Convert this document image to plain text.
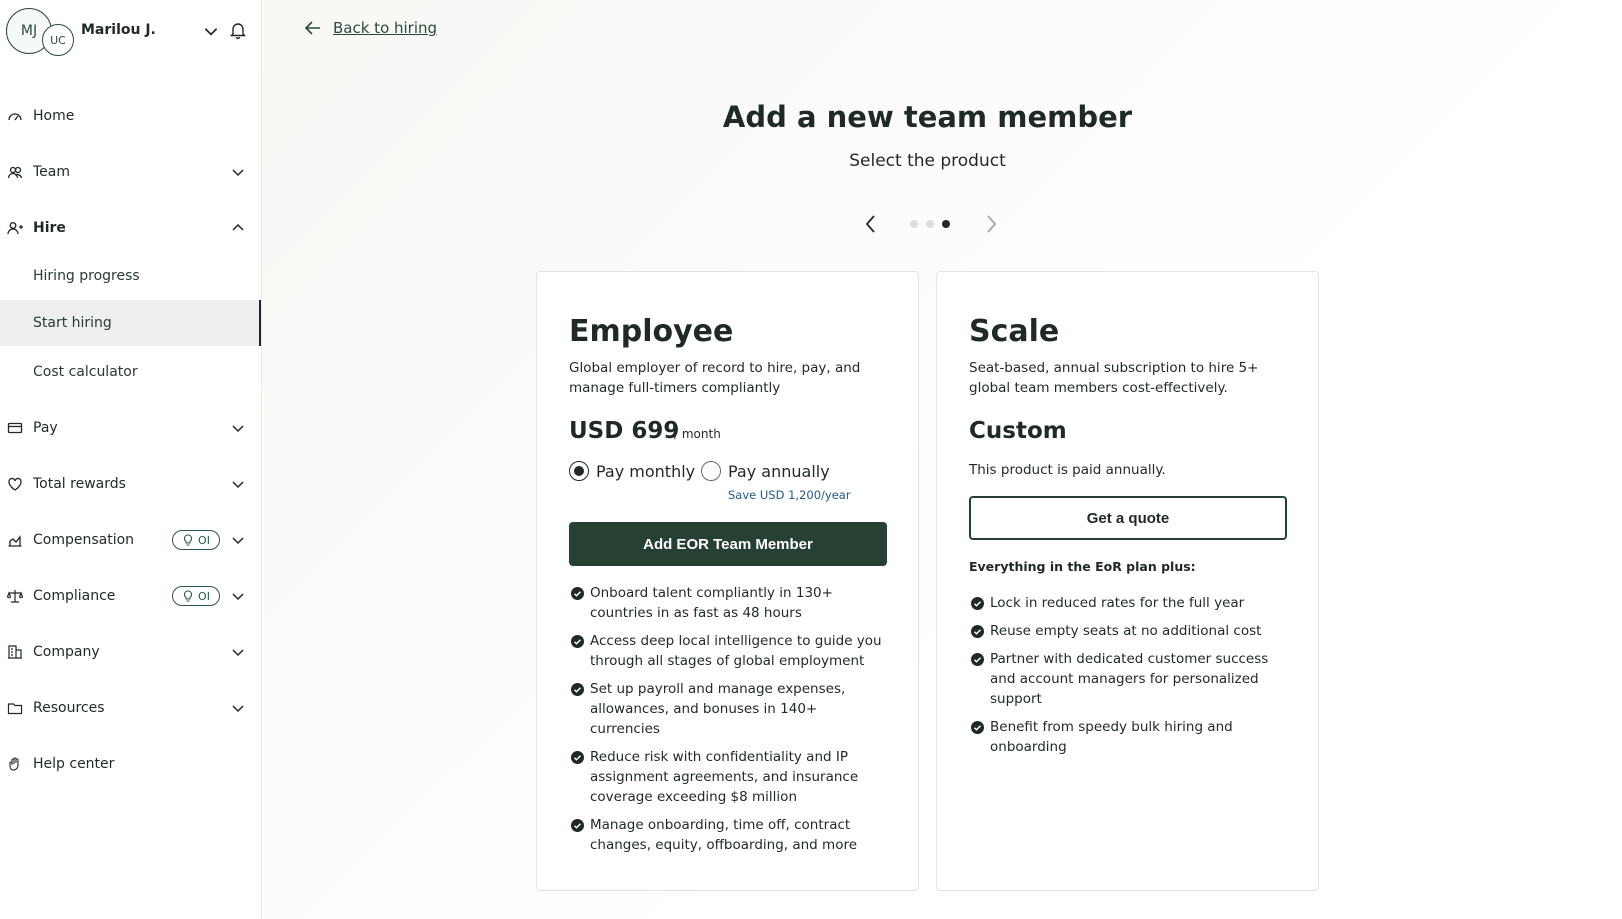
MJ
UC
Marilou J.
Home
Team
Hire
Hiring progress
Start hiring
Cost calculator
Pay
Total rewards
Compensation	OI
Compliance	OI
Company
Resources
Help center
Back to hiring
Add a new team member

Select the product

Employee

Global employer of record to hire, pay, and manage full-timers compliantly

USD 699
/ month
Pay monthly Pay annually
Save USD 1,200/year
Add EOR Team Member
Onboard talent compliantly in 130+ countries in as fast as 48 hours
Access deep local intelligence to guide you through all stages of global employment
Set up payroll and manage expenses, allowances, and bonuses in 140+ currencies
Reduce risk with confidentiality and IP assignment agreements, and insurance coverage exceeding $8 million
Manage onboarding, time off, contract changes, equity, offboarding, and more
Scale

Seat-based, annual subscription to hire 5+ global team members cost-effectively.

Custom
This product is paid annually.
Get a quote
Everything in the EoR plan plus:
Lock in reduced rates for the full year
Reuse empty seats at no additional cost
Partner with dedicated customer success and account managers for personalized support
Benefit from speedy bulk hiring and onboarding
